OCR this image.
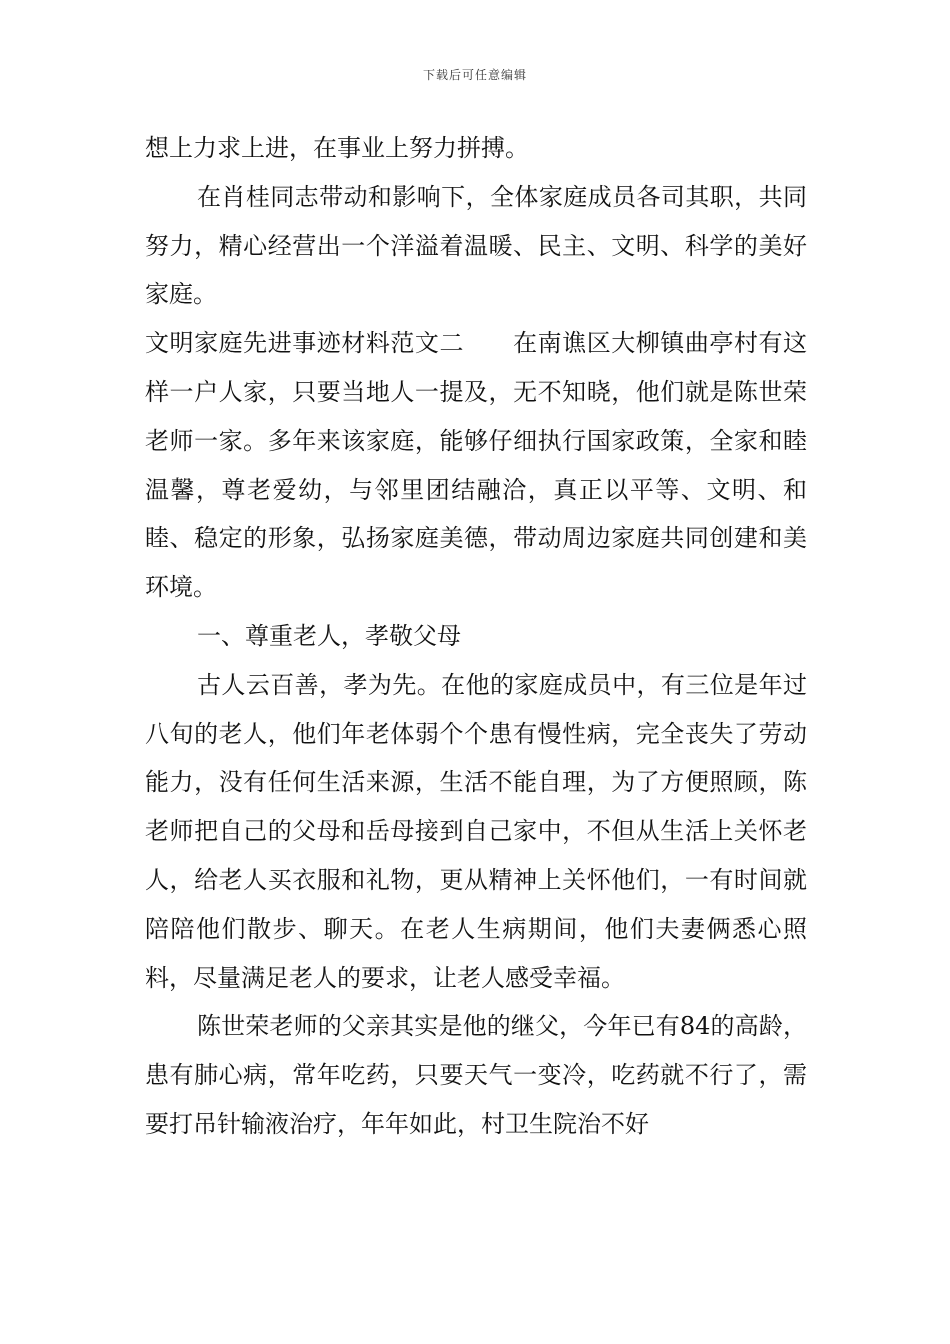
下载后可任意编辑

想上力求上进，在事业上努力拼搏。

在肖桂同志带动和影响下，全体家庭成员各司其职，共同努力，精心经营出一个洋溢着温暖、民主、文明、科学的美好家庭。

文明家庭先进事迹材料范文二　　在南谯区大柳镇曲亭村有这样一户人家，只要当地人一提及，无不知晓，他们就是陈世荣老师一家。多年来该家庭，能够仔细执行国家政策，全家和睦温馨，尊老爱幼，与邻里团结融洽，真正以平等、文明、和睦、稳定的形象，弘扬家庭美德，带动周边家庭共同创建和美环境。

一、尊重老人，孝敬父母

古人云百善，孝为先。在他的家庭成员中，有三位是年过八旬的老人，他们年老体弱个个患有慢性病，完全丧失了劳动能力，没有任何生活来源，生活不能自理，为了方便照顾，陈老师把自己的父母和岳母接到自己家中，不但从生活上关怀老人，给老人买衣服和礼物，更从精神上关怀他们，一有时间就陪陪他们散步、聊天。在老人生病期间，他们夫妻俩悉心照料，尽量满足老人的要求，让老人感受幸福。

陈世荣老师的父亲其实是他的继父，今年已有84的高龄，患有肺心病，常年吃药，只要天气一变冷，吃药就不行了，需要打吊针输液治疗，年年如此，村卫生院治不好
